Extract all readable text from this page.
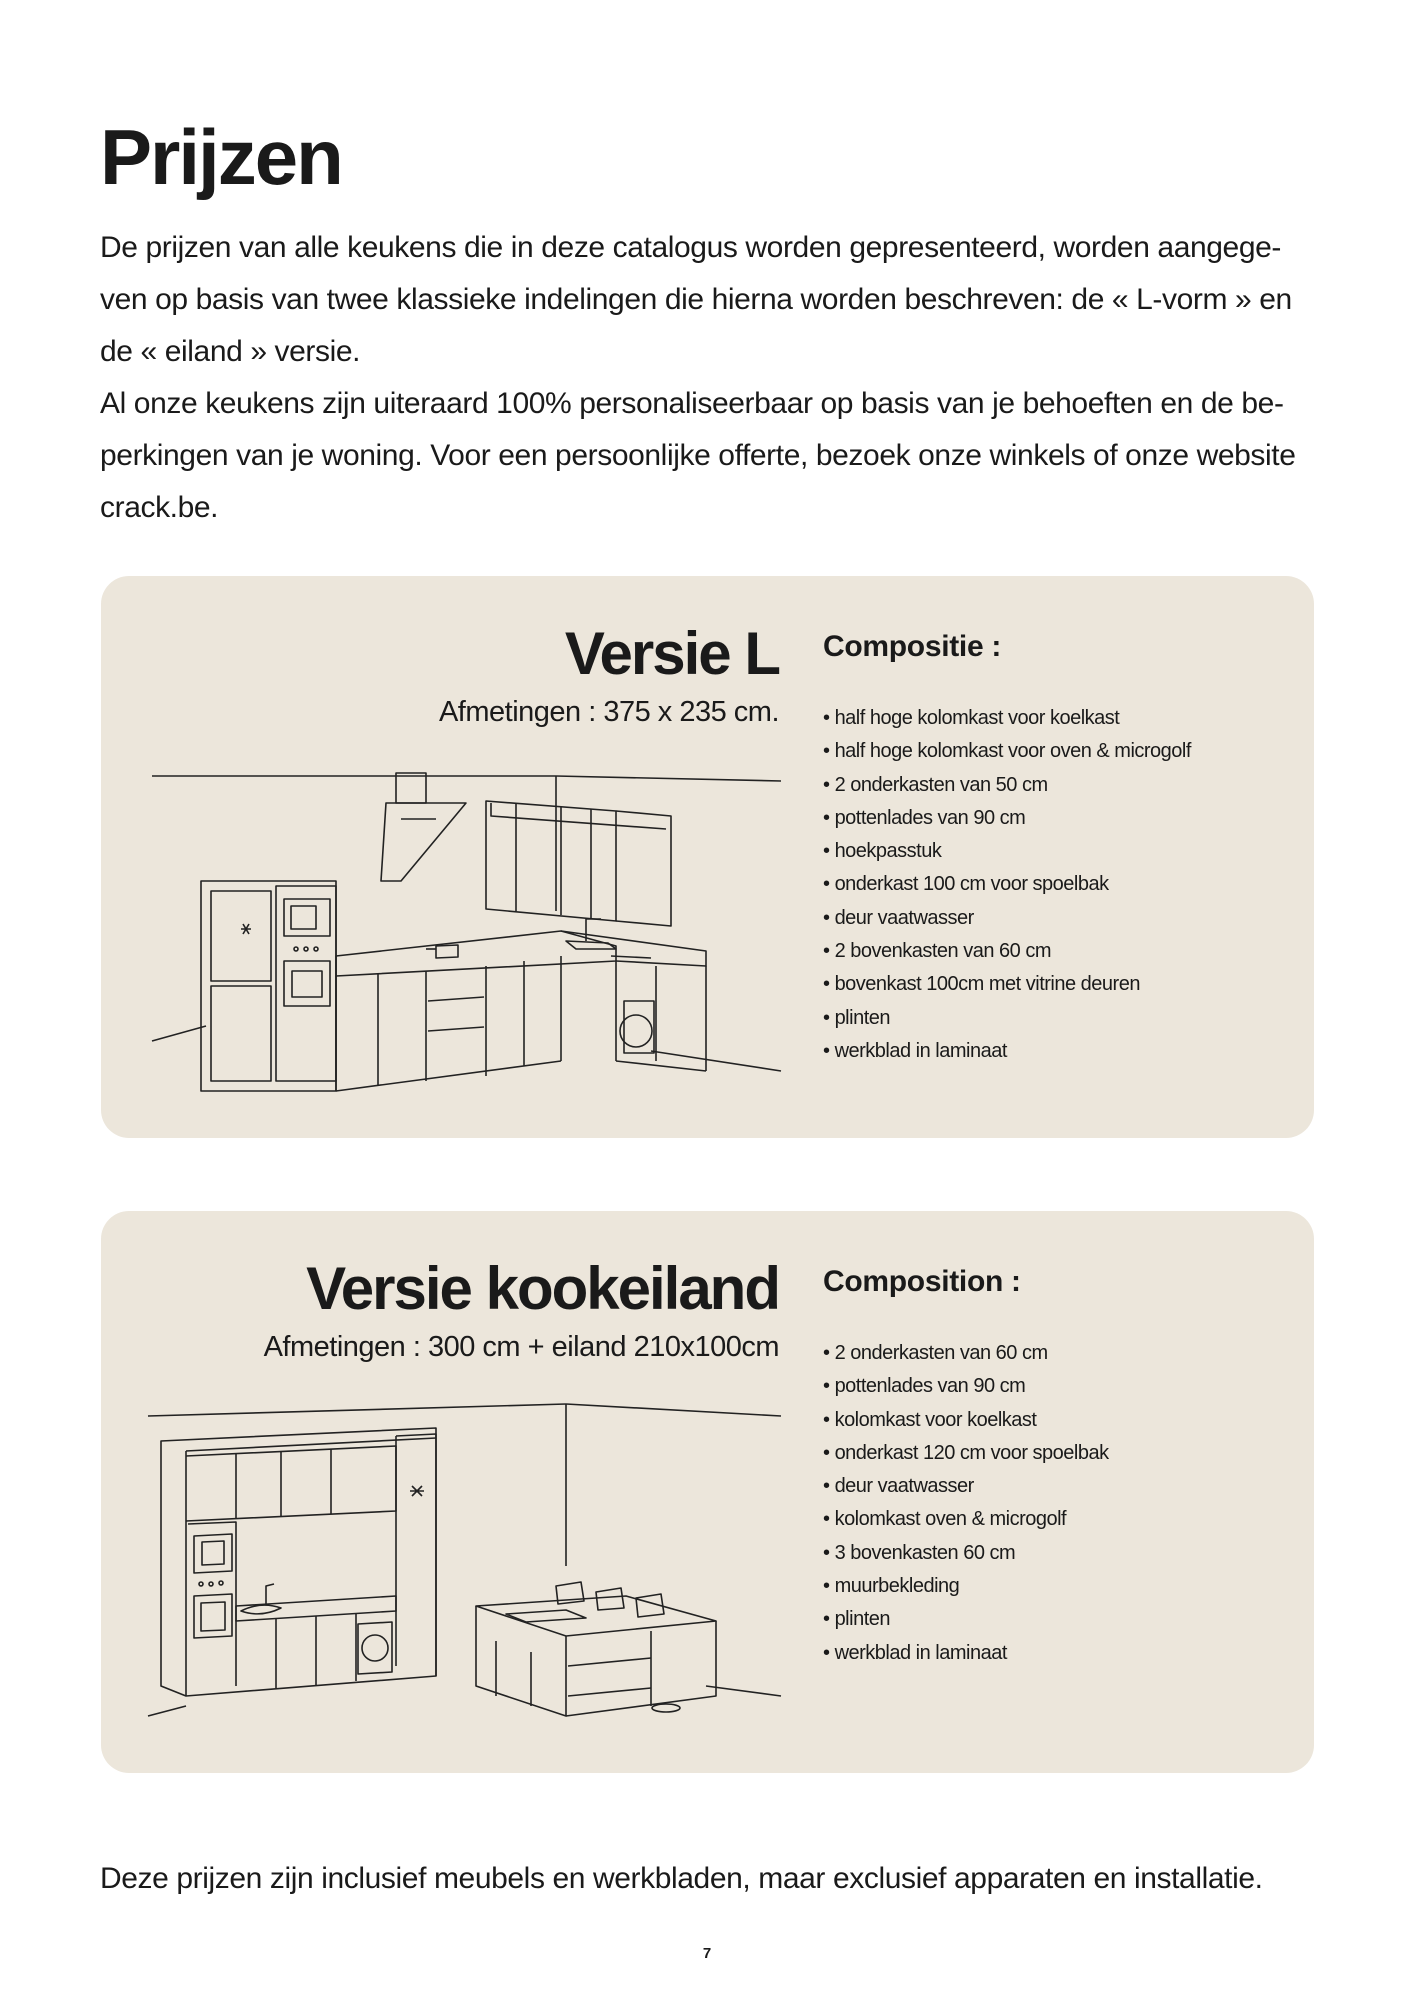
Prijzen

De prijzen van alle keukens die in deze catalogus worden gepresenteerd, worden aangege-ven op basis van twee klassieke indelingen die hierna worden beschreven: de « L-vorm » en de « eiland » versie.

Al onze keukens zijn uiteraard 100% personaliseerbaar op basis van je behoeften en de be-perkingen van je woning. Voor een persoonlijke offerte, bezoek onze winkels of onze website crack.be.

Versie L

Afmetingen : 375 x 235 cm.

Compositie :
• half hoge kolomkast voor koelkast
• half hoge kolomkast voor oven & microgolf
• 2 onderkasten van 50 cm
• pottenlades van 90 cm
• hoekpasstuk
• onderkast 100 cm voor spoelbak
• deur vaatwasser
• 2 bovenkasten van 60 cm
• bovenkast 100cm met vitrine deuren
• plinten
• werkblad in laminaat
Versie kookeiland

Afmetingen : 300 cm + eiland 210x100cm

Composition :
• 2 onderkasten van 60 cm
• pottenlades van 90 cm
• kolomkast voor koelkast
• onderkast 120 cm voor spoelbak
• deur vaatwasser
• kolomkast oven & microgolf
• 3 bovenkasten 60 cm
• muurbekleding
• plinten
• werkblad in laminaat

Deze prijzen zijn inclusief meubels en werkbladen, maar exclusief apparaten en installatie.

7
